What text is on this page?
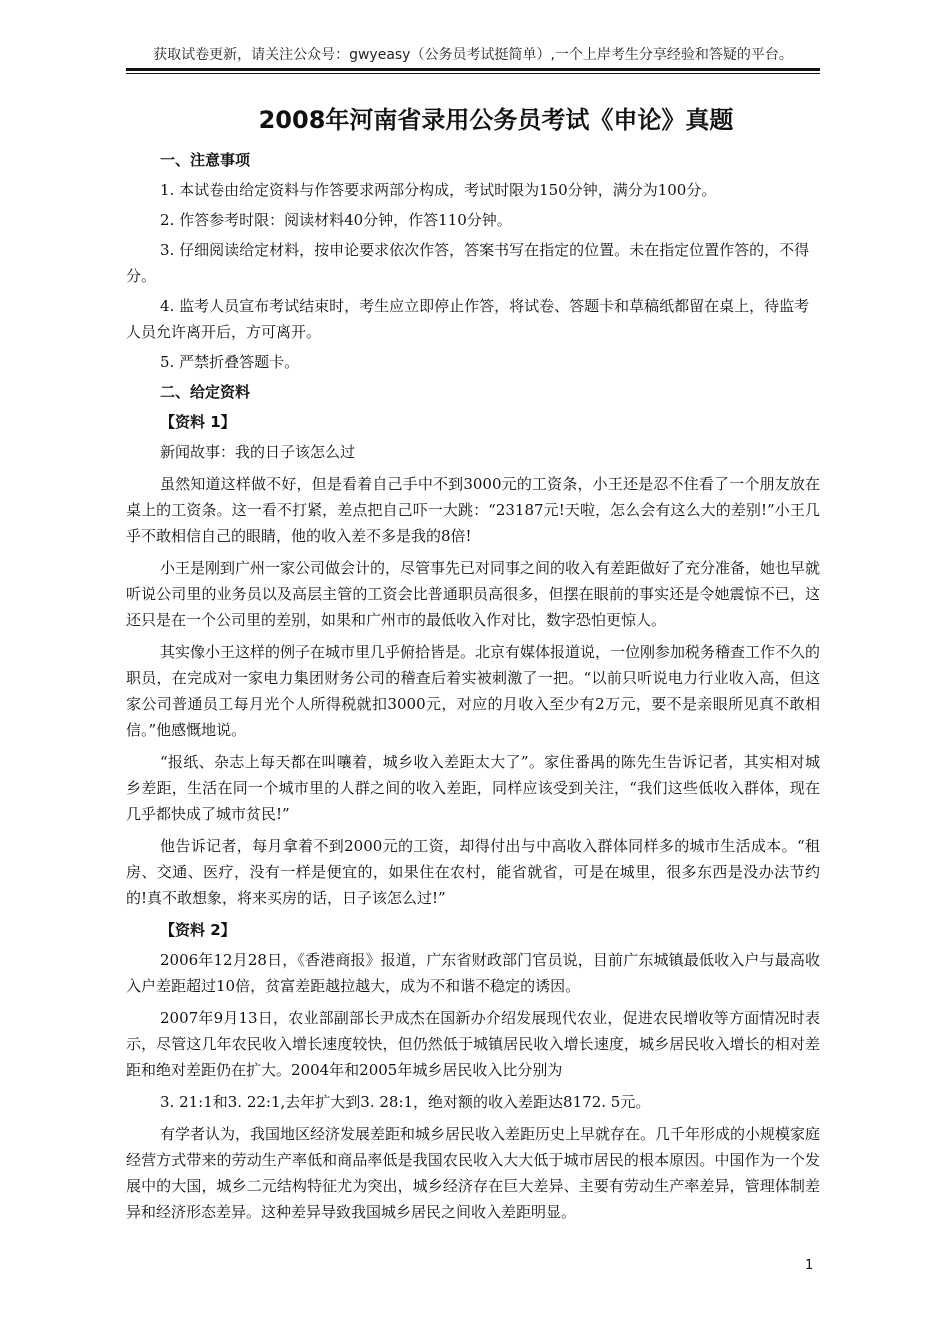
获取试卷更新，请关注公众号：gwyeasy（公务员考试挺简单）,一个上岸考生分享经验和答疑的平台。
2008年河南省录用公务员考试《申论》真题
一、注意事项

1. 本试卷由给定资料与作答要求两部分构成，考试时限为150分钟，满分为100分。

2. 作答参考时限：阅读材料40分钟，作答110分钟。

3. 仔细阅读给定材料，按申论要求依次作答，答案书写在指定的位置。未在指定位置作答的，不得分。

4. 监考人员宣布考试结束时，考生应立即停止作答，将试卷、答题卡和草稿纸都留在桌上，待监考人员允许离开后，方可离开。

5. 严禁折叠答题卡。

二、给定资料
【资料 1】

新闻故事：我的日子该怎么过

虽然知道这样做不好，但是看着自己手中不到3000元的工资条，小王还是忍不住看了一个朋友放在桌上的工资条。这一看不打紧，差点把自己吓一大跳：“23187元!天啦，怎么会有这么大的差别!”小王几乎不敢相信自己的眼睛，他的收入差不多是我的8倍!

小王是刚到广州一家公司做会计的，尽管事先已对同事之间的收入有差距做好了充分准备，她也早就听说公司里的业务员以及高层主管的工资会比普通职员高很多，但摆在眼前的事实还是令她震惊不已，这还只是在一个公司里的差别，如果和广州市的最低收入作对比，数字恐怕更惊人。

其实像小王这样的例子在城市里几乎俯拾皆是。北京有媒体报道说，一位刚参加税务稽查工作不久的职员，在完成对一家电力集团财务公司的稽查后着实被刺激了一把。“以前只听说电力行业收入高，但这家公司普通员工每月光个人所得税就扣3000元，对应的月收入至少有2万元，要不是亲眼所见真不敢相信。”他感慨地说。

“报纸、杂志上每天都在叫嚷着，城乡收入差距太大了”。家住番禺的陈先生告诉记者，其实相对城乡差距，生活在同一个城市里的人群之间的收入差距，同样应该受到关注，“我们这些低收入群体，现在几乎都快成了城市贫民!”

他告诉记者，每月拿着不到2000元的工资，却得付出与中高收入群体同样多的城市生活成本。“租房、交通、医疗，没有一样是便宜的，如果住在农村，能省就省，可是在城里，很多东西是没办法节约的!真不敢想象，将来买房的话，日子该怎么过!”

【资料 2】

2006年12月28日，《香港商报》报道，广东省财政部门官员说，目前广东城镇最低收入户与最高收入户差距超过10倍，贫富差距越拉越大，成为不和谐不稳定的诱因。

2007年9月13日，农业部副部长尹成杰在国新办介绍发展现代农业，促进农民增收等方面情况时表示，尽管这几年农民收入增长速度较快，但仍然低于城镇居民收入增长速度，城乡居民收入增长的相对差距和绝对差距仍在扩大。2004年和2005年城乡居民收入比分别为

3. 21:1和3. 22:1,去年扩大到3. 28:1，绝对额的收入差距达8172. 5元。

有学者认为，我国地区经济发展差距和城乡居民收入差距历史上早就存在。几千年形成的小规模家庭经营方式带来的劳动生产率低和商品率低是我国农民收入大大低于城市居民的根本原因。中国作为一个发展中的大国，城乡二元结构特征尤为突出，城乡经济存在巨大差异、主要有劳动生产率差异，管理体制差异和经济形态差异。这种差异导致我国城乡居民之间收入差距明显。

1
